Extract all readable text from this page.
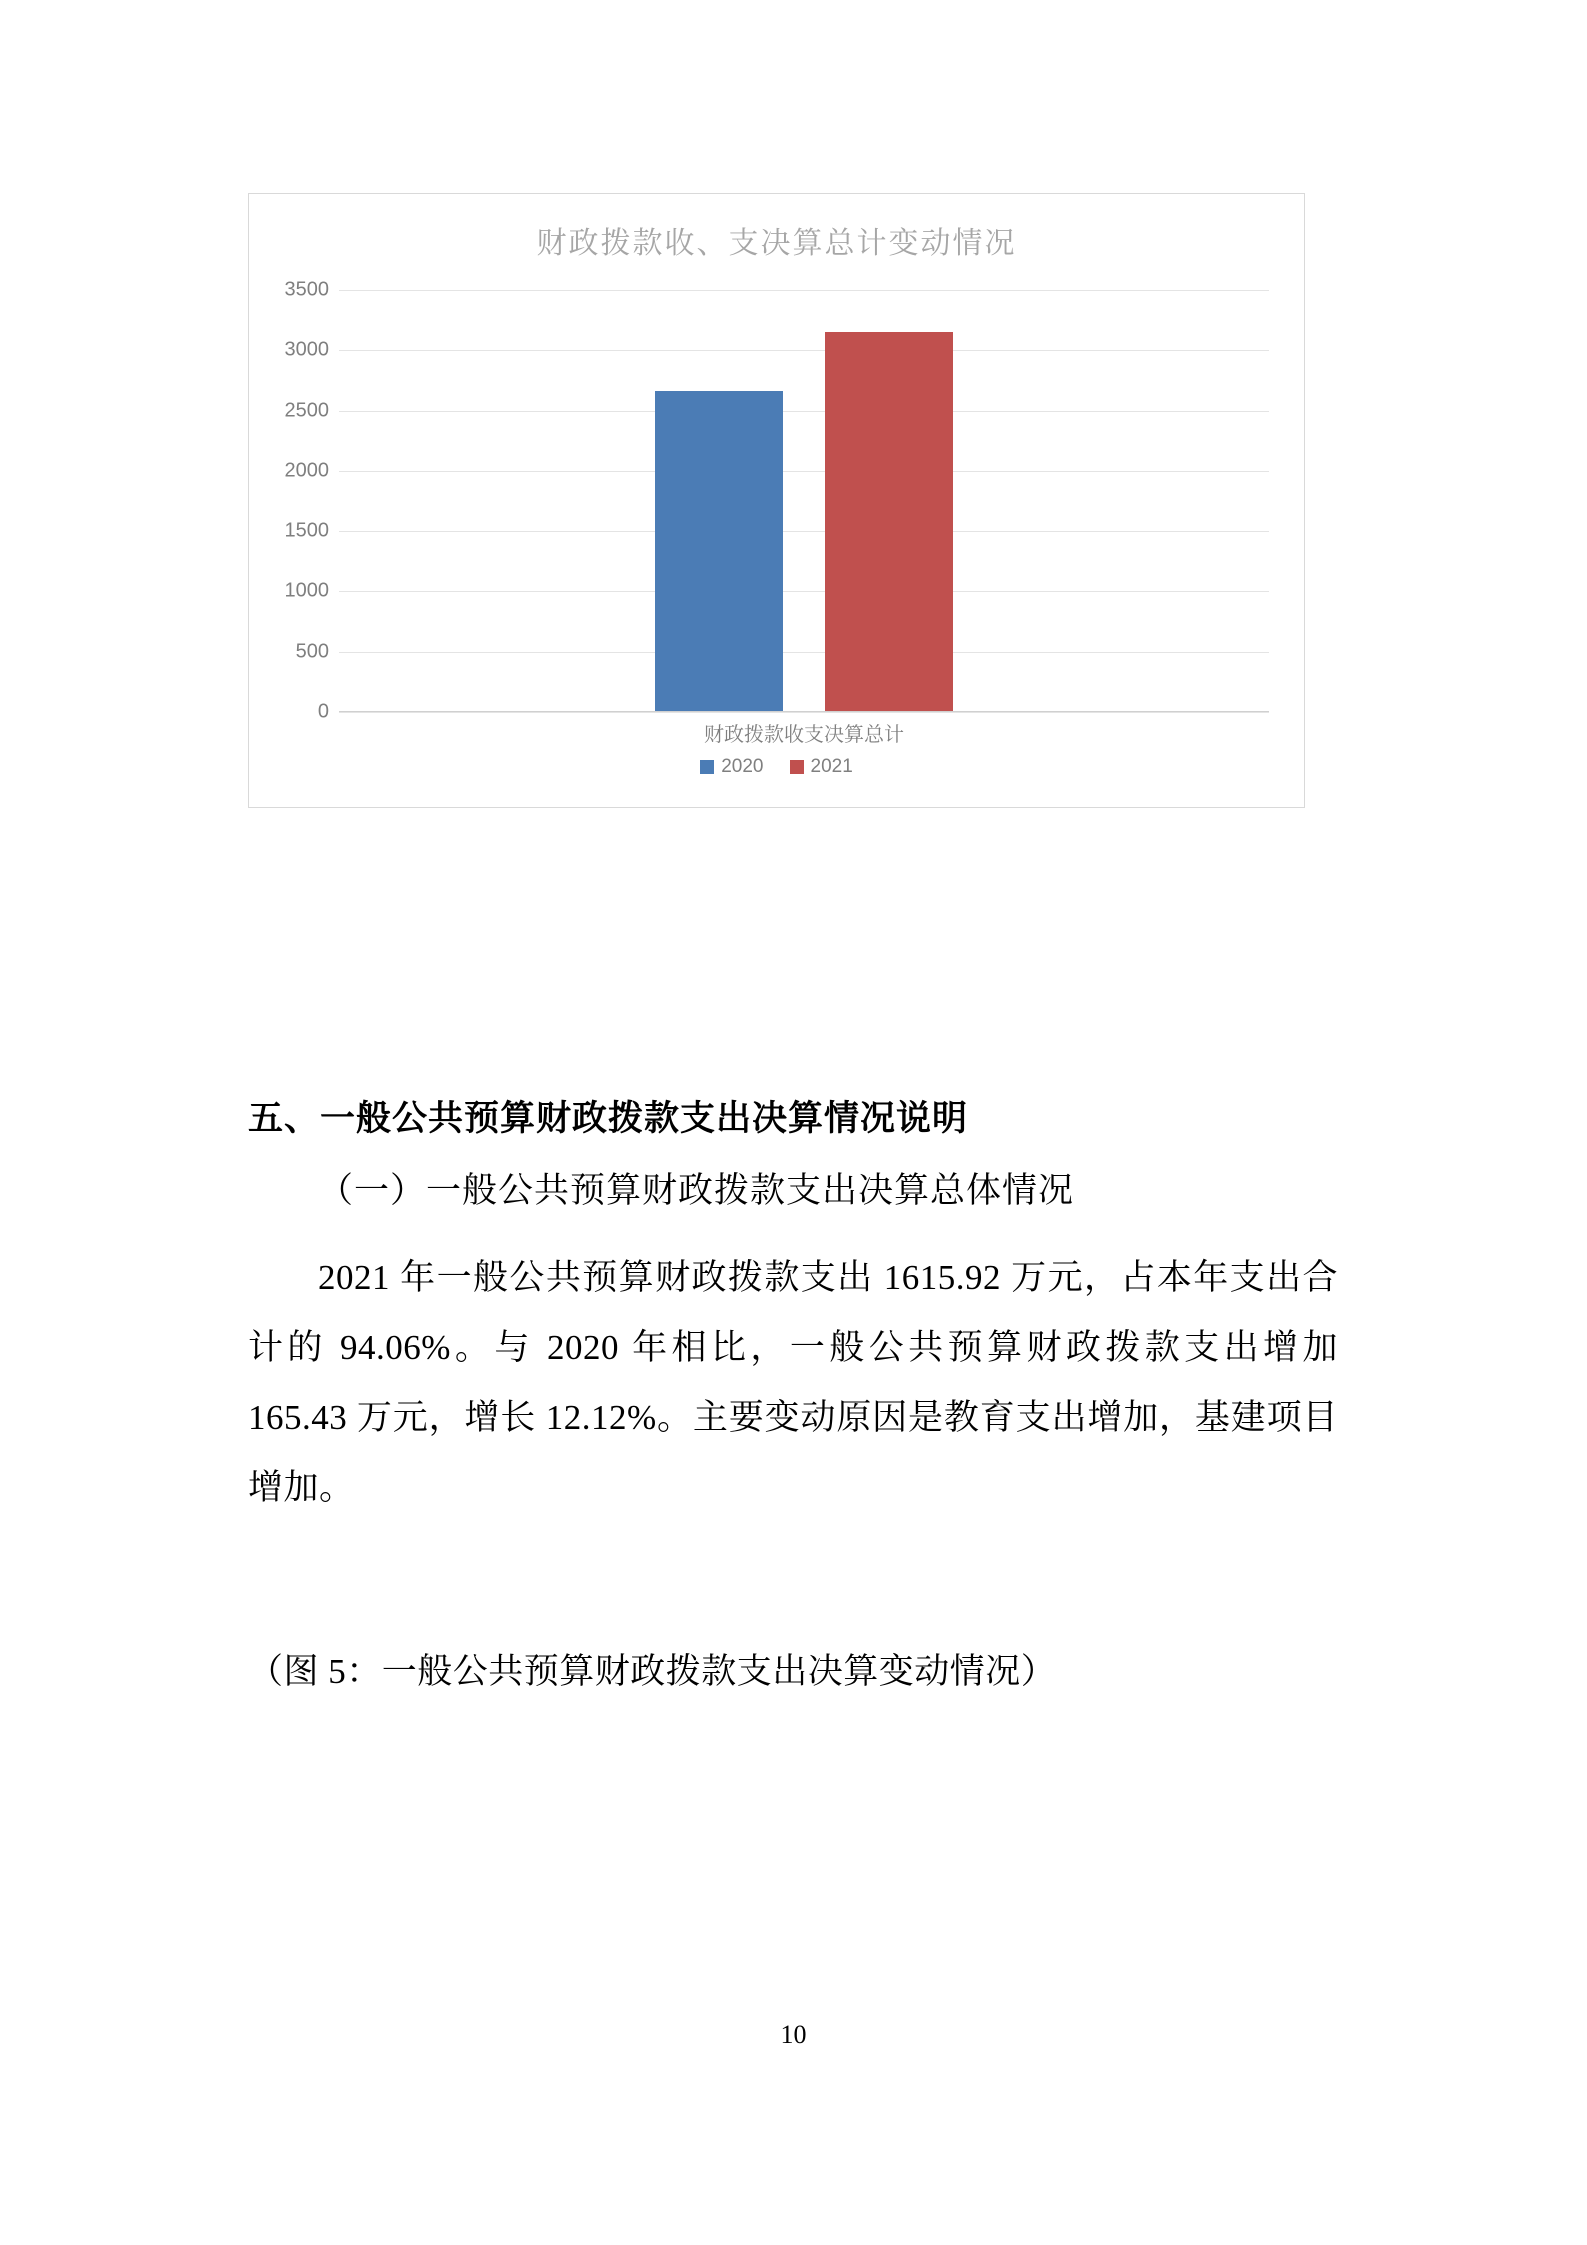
财政拨款收、支决算总计变动情况
0
500
1000
1500
2000
2500
3000
3500
财政拨款收支决算总计
2020 2021
五、一般公共预算财政拨款支出决算情况说明
（一）一般公共预算财政拨款支出决算总体情况
2021 年一般公共预算财政拨款支出 1615.92 万元，占本年支出合计的 94.06%。与 2020 年相比，一般公共预算财政拨款支出增加 165.43 万元，增长 12.12%。主要变动原因是教育支出增加，基建项目增加。
（图 5：一般公共预算财政拨款支出决算变动情况）
10
